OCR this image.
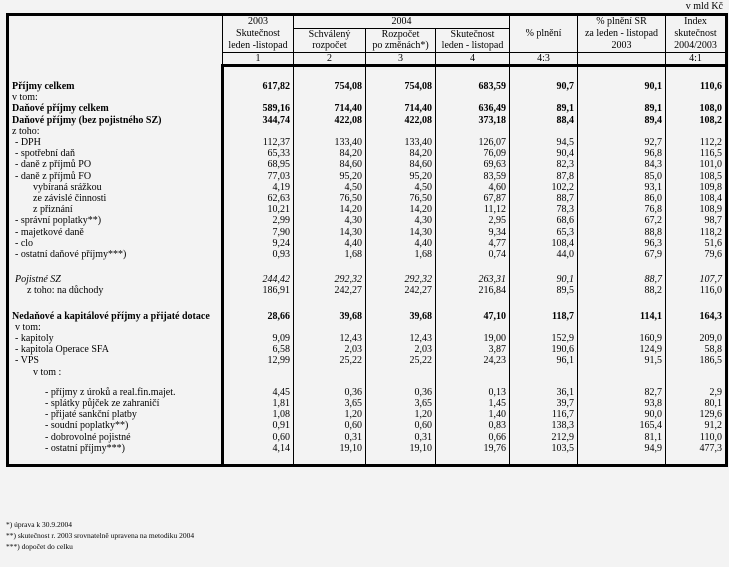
v mld Kč
	2003	2004			% plnění	% plnění SR	Index
	Skutečnost	Schválený	Rozpočet	Skutečnost		za leden - listopad	skutečnost
	leden -listopad	rozpočet	po změnách*)	leden - listopad		2003	2004/2003
	1	2	3	4	4:3		4:1

Příjmy celkem	617,82	754,08	754,08	683,59	90,7	90,1	110,6
v tom:							
Daňové příjmy celkem	589,16	714,40	714,40	636,49	89,1	89,1	108,0
Daňové příjmy (bez pojistného SZ)	344,74	422,08	422,08	373,18	88,4	89,4	108,2
z toho:							
- DPH	112,37	133,40	133,40	126,07	94,5	92,7	112,2
- spotřební daň	65,33	84,20	84,20	76,09	90,4	96,8	116,5
- daně z příjmů PO	68,95	84,60	84,60	69,63	82,3	84,3	101,0
- daně z příjmů FO	77,03	95,20	95,20	83,59	87,8	85,0	108,5
vybíraná srážkou	4,19	4,50	4,50	4,60	102,2	93,1	109,8
ze závislé činnosti	62,63	76,50	76,50	67,87	88,7	86,0	108,4
z přiznání	10,21	14,20	14,20	11,12	78,3	76,8	108,9
- správní poplatky**)	2,99	4,30	4,30	2,95	68,6	67,2	98,7
- majetkové daně	7,90	14,30	14,30	9,34	65,3	88,8	118,2
- clo	9,24	4,40	4,40	4,77	108,4	96,3	51,6
- ostatní daňové příjmy***)	0,93	1,68	1,68	0,74	44,0	67,9	79,6

Pojistné SZ	244,42	292,32	292,32	263,31	90,1	88,7	107,7
z toho: na důchody	186,91	242,27	242,27	216,84	89,5	88,2	116,0

Nedaňové a kapitálové příjmy a přijaté dotace	28,66	39,68	39,68	47,10	118,7	114,1	164,3
v tom:							
- kapitoly	9,09	12,43	12,43	19,00	152,9	160,9	209,0
- kapitola Operace SFA	6,58	2,03	2,03	3,87	190,6	124,9	58,8
- VPS	12,99	25,22	25,22	24,23	96,1	91,5	186,5
v tom :							

- příjmy z úroků a real.fin.majet.	4,45	0,36	0,36	0,13	36,1	82,7	2,9
- splátky půjček ze zahraničí	1,81	3,65	3,65	1,45	39,7	93,8	80,1
- přijaté sankční platby	1,08	1,20	1,20	1,40	116,7	90,0	129,6
- soudní poplatky**)	0,91	0,60	0,60	0,83	138,3	165,4	91,2
- dobrovolné pojistné	0,60	0,31	0,31	0,66	212,9	81,1	110,0
- ostatní příjmy***)	4,14	19,10	19,10	19,76	103,5	94,9	477,3

*) úprava k 30.9.2004
**) skutečnost r. 2003 srovnatelně upravena na metodiku 2004
***) dopočet do celku
